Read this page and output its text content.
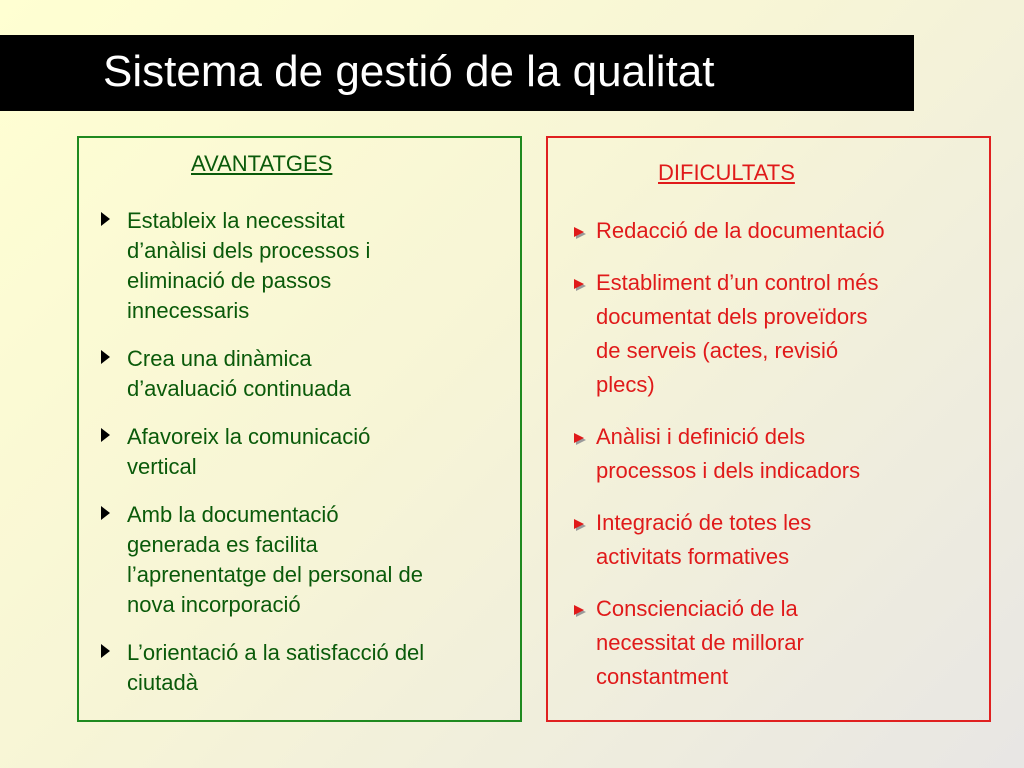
Sistema de gestió de la qualitat
AVANTATGES
Estableix la necessitat
d’anàlisi dels processos i
eliminació de passos
innecessaris
Crea una dinàmica
d’avaluació continuada
Afavoreix la comunicació
vertical
Amb la documentació
generada es facilita
l’aprenentatge del personal de
nova incorporació
L’orientació a la satisfacció del
ciutadà
DIFICULTATS
Redacció de la documentació
Establiment d’un control més
documentat dels proveïdors
de serveis (actes, revisió
plecs)
Anàlisi i definició dels
processos i dels indicadors
Integració de totes les
activitats formatives
Conscienciació de la
necessitat de millorar
constantment
